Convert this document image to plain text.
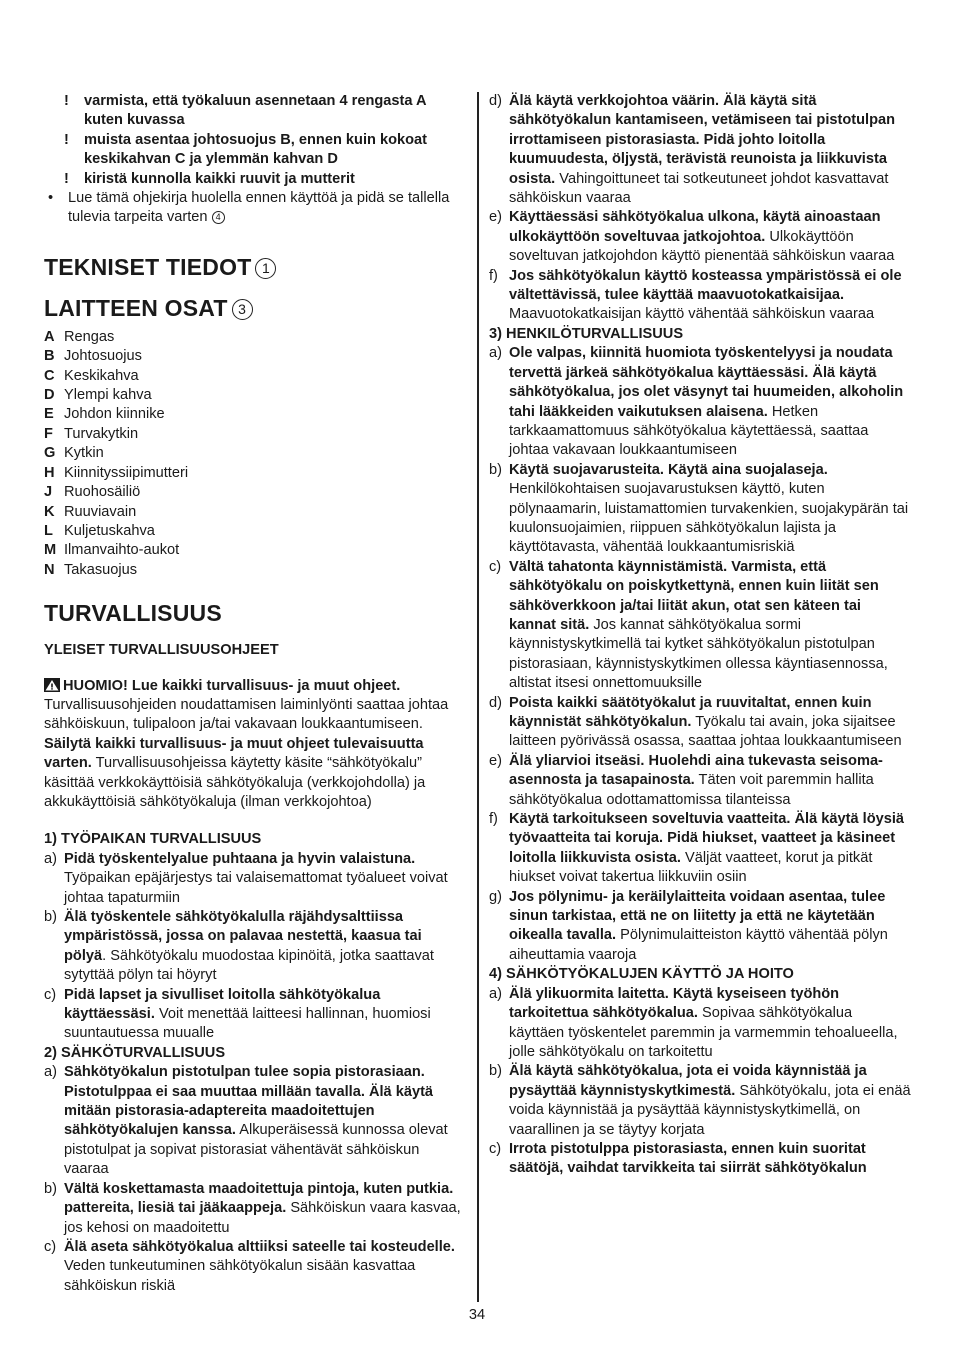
!	varmista, että työkaluun asennetaan 4 rengasta A kuten kuvassa
!	muista asentaa johtosuojus B, ennen kuin kokoat keskikahvan C ja ylemmän kahvan D
!	kiristä kunnolla kaikki ruuvit ja mutterit
•	Lue tämä ohjekirja huolella ennen käyttöä ja pidä se tallella tulevia tarpeita varten 4
TEKNISET TIEDOT 1
LAITTEEN OSAT 3
A Rengas
B Johtosuojus
C Keskikahva
D Ylempi kahva
E Johdon kiinnike
F Turvakytkin
G Kytkin
H Kiinnityssiipimutteri
J Ruohosäiliö
K Ruuviavain
L Kuljetuskahva
M Ilmanvaihto-aukot
N Takasuojus
TURVALLISUUS
YLEISET TURVALLISUUSOHJEET
HUOMIO! Lue kaikki turvallisuus- ja muut ohjeet. Turvallisuusohjeiden noudattamisen laiminlyönti saattaa johtaa sähköiskuun, tulipaloon ja/tai vakavaan loukkaantumiseen. Säilytä kaikki turvallisuus- ja muut ohjeet tulevaisuutta varten. Turvallisuusohjeissa käytetty käsite “sähkötyökalu” käsittää verkkokäyttöisiä sähkötyökaluja (verkkojohdolla) ja akkukäyttöisiä sähkötyökaluja (ilman verkkojohtoa)
1) TYÖPAIKAN TURVALLISUUS
a) Pidä työskentelyalue puhtaana ja hyvin valaistuna. Työpaikan epäjärjestys tai valaisemattomat työalueet voivat johtaa tapaturmiin
b) Älä työskentele sähkötyökalulla räjähdysalttiissa ympäristössä, jossa on palavaa nestettä, kaasua tai pölyä. Sähkötyökalu muodostaa kipinöitä, jotka saattavat sytyttää pölyn tai höyryt
c) Pidä lapset ja sivulliset loitolla sähkötyökalua käyttäessäsi. Voit menettää laitteesi hallinnan, huomiosi suuntautuessa muualle
2) SÄHKÖTURVALLISUUS
a) Sähkötyökalun pistotulpan tulee sopia pistorasiaan. Pistotulppaa ei saa muuttaa millään tavalla. Älä käytä mitään pistorasia-adaptereita maadoitettujen sähkötyökalujen kanssa. Alkuperäisessä kunnossa olevat pistotulpat ja sopivat pistorasiat vähentävät sähköiskun vaaraa
b) Vältä koskettamasta maadoitettuja pintoja, kuten putkia. pattereita, liesiä tai jääkaappeja. Sähköiskun vaara kasvaa, jos kehosi on maadoitettu
c) Älä aseta sähkötyökalua alttiiksi sateelle tai kosteudelle. Veden tunkeutuminen sähkötyökalun sisään kasvattaa sähköiskun riskiä
d) Älä käytä verkkojohtoa väärin. Älä käytä sitä sähkötyökalun kantamiseen, vetämiseen tai pistotulpan irrottamiseen pistorasiasta. Pidä johto loitolla kuumuudesta, öljystä, terävistä reunoista ja liikkuvista osista. Vahingoittuneet tai sotkeutuneet johdot kasvattavat sähköiskun vaaraa
e) Käyttäessäsi sähkötyökalua ulkona, käytä ainoastaan ulkokäyttöön soveltuvaa jatkojohtoa. Ulkokäyttöön soveltuvan jatkojohdon käyttö pienentää sähköiskun vaaraa
f) Jos sähkötyökalun käyttö kosteassa ympäristössä ei ole vältettävissä, tulee käyttää maavuotokatkaisijaa. Maavuotokatkaisijan käyttö vähentää sähköiskun vaaraa
3) HENKILÖTURVALLISUUS
a) Ole valpas, kiinnitä huomiota työskentelyysi ja noudata tervettä järkeä sähkötyökalua käyttäessäsi. Älä käytä sähkötyökalua, jos olet väsynyt tai huumeiden, alkoholin tahi lääkkeiden vaikutuksen alaisena. Hetken tarkkaamattomuus sähkötyökalua käytettäessä, saattaa johtaa vakavaan loukkaantumiseen
b) Käytä suojavarusteita. Käytä aina suojalaseja. Henkilökohtaisen suojavarustuksen käyttö, kuten pölynaamarin, luistamattomien turvakenkien, suojakypärän tai kuulonsuojaimien, riippuen sähkötyökalun lajista ja käyttötavasta, vähentää loukkaantumisriskiä
c) Vältä tahatonta käynnistämistä. Varmista, että sähkötyökalu on poiskytkettynä, ennen kuin liität sen sähköverkkoon ja/tai liität akun, otat sen käteen tai kannat sitä. Jos kannat sähkötyökalua sormi käynnistyskytkimellä tai kytket sähkötyökalun pistotulpan pistorasiaan, käynnistyskytkimen ollessa käyntiasennossa, altistat itsesi onnettomuuksille
d) Poista kaikki säätötyökalut ja ruuvitaltat, ennen kuin käynnistät sähkötyökalun. Työkalu tai avain, joka sijaitsee laitteen pyörivässä osassa, saattaa johtaa loukkaantumiseen
e) Älä yliarvioi itseäsi. Huolehdi aina tukevasta seisoma-asennosta ja tasapainosta. Täten voit paremmin hallita sähkötyökalua odottamattomissa tilanteissa
f) Käytä tarkoitukseen soveltuvia vaatteita. Älä käytä löysiä työvaatteita tai koruja. Pidä hiukset, vaatteet ja käsineet loitolla liikkuvista osista. Väljät vaatteet, korut ja pitkät hiukset voivat takertua liikkuviin osiin
g) Jos pölynimu- ja keräilylaitteita voidaan asentaa, tulee sinun tarkistaa, että ne on liitetty ja että ne käytetään oikealla tavalla. Pölynimulaitteiston käyttö vähentää pölyn aiheuttamia vaaroja
4) SÄHKÖTYÖKALUJEN KÄYTTÖ JA HOITO
a) Älä ylikuormita laitetta. Käytä kyseiseen työhön tarkoitettua sähkötyökalua. Sopivaa sähkötyökalua käyttäen työskentelet paremmin ja varmemmin tehoalueella, jolle sähkötyökalu on tarkoitettu
b) Älä käytä sähkötyökalua, jota ei voida käynnistää ja pysäyttää käynnistyskytkimestä. Sähkötyökalu, jota ei enää voida käynnistää ja pysäyttää käynnistyskytkimellä, on vaarallinen ja se täytyy korjata
c) Irrota pistotulppa pistorasiasta, ennen kuin suoritat säätöjä, vaihdat tarvikkeita tai siirrät sähkötyökalun
34
